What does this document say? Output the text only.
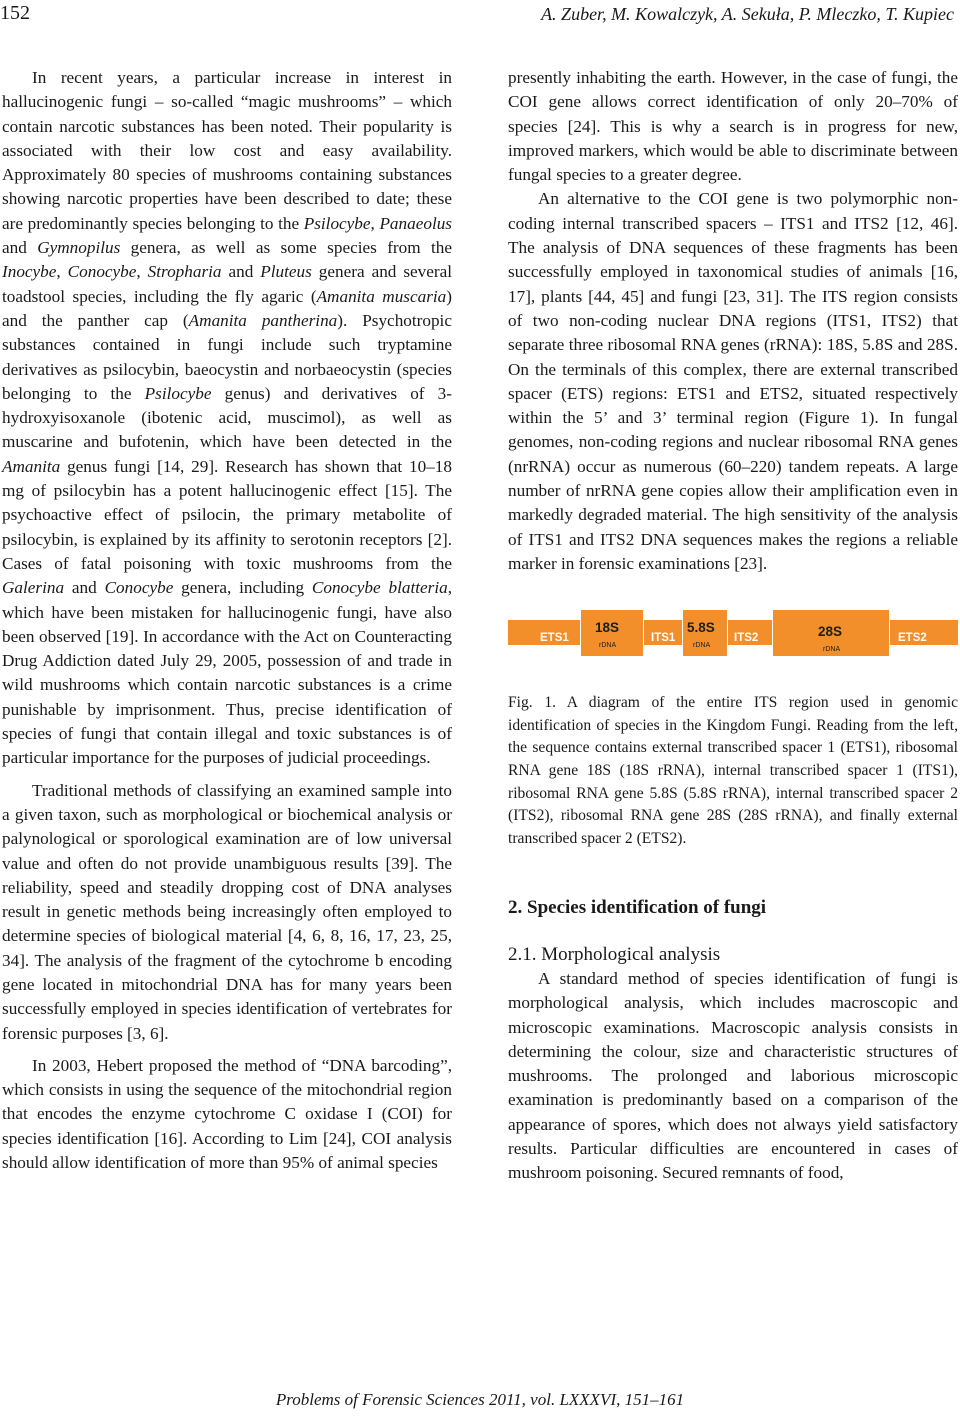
152	A. Zuber, M. Kowalczyk, A. Sekuła, P. Mleczko, T. Kupiec

In recent years, a particular increase in interest in hallucinogenic fungi – so-called “magic mushrooms” – which contain narcotic substances has been noted. Their popularity is associated with their low cost and easy availability. Approximately 80 species of mushrooms containing substances showing narcotic properties have been described to date; these are predominantly species belonging to the Psilocybe, Panaeolus and Gymnopilus genera, as well as some species from the Inocybe, Conocybe, Stropharia and Pluteus genera and several toadstool species, including the fly agaric (Amanita muscaria) and the panther cap (Amanita pantherina). Psychotropic substances contained in fungi include such tryptamine derivatives as psilocybin, baeocystin and norbaeocystin (species belonging to the Psilocybe genus) and derivatives of 3-hydroxyisoxanole (ibotenic acid, muscimol), as well as muscarine and bufotenin, which have been detected in the Amanita genus fungi [14, 29]. Research has shown that 10–18 mg of psilocybin has a potent hallucinogenic effect [15]. The psychoactive effect of psilocin, the primary metabolite of psilocybin, is explained by its affinity to serotonin receptors [2]. Cases of fatal poisoning with toxic mushrooms from the Galerina and Conocybe genera, including Conocybe blatteria, which have been mistaken for hallucinogenic fungi, have also been observed [19]. In accordance with the Act on Counteracting Drug Addiction dated July 29, 2005, possession of and trade in wild mushrooms which contain narcotic substances is a crime punishable by imprisonment. Thus, precise identification of species of fungi that contain illegal and toxic substances is of particular importance for the purposes of judicial proceedings.

Traditional methods of classifying an examined sample into a given taxon, such as morphological or biochemical analysis or palynological or sporological examination are of low universal value and often do not provide unambiguous results [39]. The reliability, speed and steadily dropping cost of DNA analyses result in genetic methods being increasingly often employed to determine species of biological material [4, 6, 8, 16, 17, 23, 25, 34]. The analysis of the fragment of the cytochrome b encoding gene located in mitochondrial DNA has for many years been successfully employed in species identification of vertebrates for forensic purposes [3, 6].

In 2003, Hebert proposed the method of “DNA barcoding”, which consists in using the sequence of the mitochondrial region that encodes the enzyme cytochrome C oxidase I (COI) for species identification [16]. According to Lim [24], COI analysis should allow identification of more than 95% of animal species

presently inhabiting the earth. However, in the case of fungi, the COI gene allows correct identification of only 20–70% of species [24]. This is why a search is in progress for new, improved markers, which would be able to discriminate between fungal species to a greater degree.

An alternative to the COI gene is two polymorphic non-coding internal transcribed spacers – ITS1 and ITS2 [12, 46]. The analysis of DNA sequences of these fragments has been successfully employed in taxonomical studies of animals [16, 17], plants [44, 45] and fungi [23, 31]. The ITS region consists of two non-coding nuclear DNA regions (ITS1, ITS2) that separate three ribosomal RNA genes (rRNA): 18S, 5.8S and 28S. On the terminals of this complex, there are external transcribed spacer (ETS) regions: ETS1 and ETS2, situated respectively within the 5’ and 3’ terminal region (Figure 1). In fungal genomes, non-coding regions and nuclear ribosomal RNA genes (nrRNA) occur as numerous (60–220) tandem repeats. A large number of nrRNA gene copies allow their amplification even in markedly degraded material. The high sensitivity of the analysis of ITS1 and ITS2 DNA sequences makes the regions a reliable marker in forensic examinations [23].

ETS1
18S
rDNA
ITS1
5.8S
rDNA
ITS2	28S
rDNA
ETS2
Fig. 1. A diagram of the entire ITS region used in genomic identification of species in the Kingdom Fungi. Reading from the left, the sequence contains external transcribed spacer 1 (ETS1), ribosomal RNA gene 18S (18S rRNA), internal transcribed spacer 1 (ITS1), ribosomal RNA gene 5.8S (5.8S rRNA), internal transcribed spacer 2 (ITS2), ribosomal RNA gene 28S (28S rRNA), and finally external transcribed spacer 2 (ETS2).
2. Species identification of fungi
2.1. Morphological analysis

A standard method of species identification of fungi is morphological analysis, which includes macroscopic and microscopic examinations. Macroscopic analysis consists in determining the colour, size and characteristic structures of mushrooms. The prolonged and laborious microscopic examination is predominantly based on a comparison of the appearance of spores, which does not always yield satisfactory results. Particular difficulties are encountered in cases of mushroom poisoning. Secured remnants of food,

Problems of Forensic Sciences 2011, vol. LXXXVI, 151–161
